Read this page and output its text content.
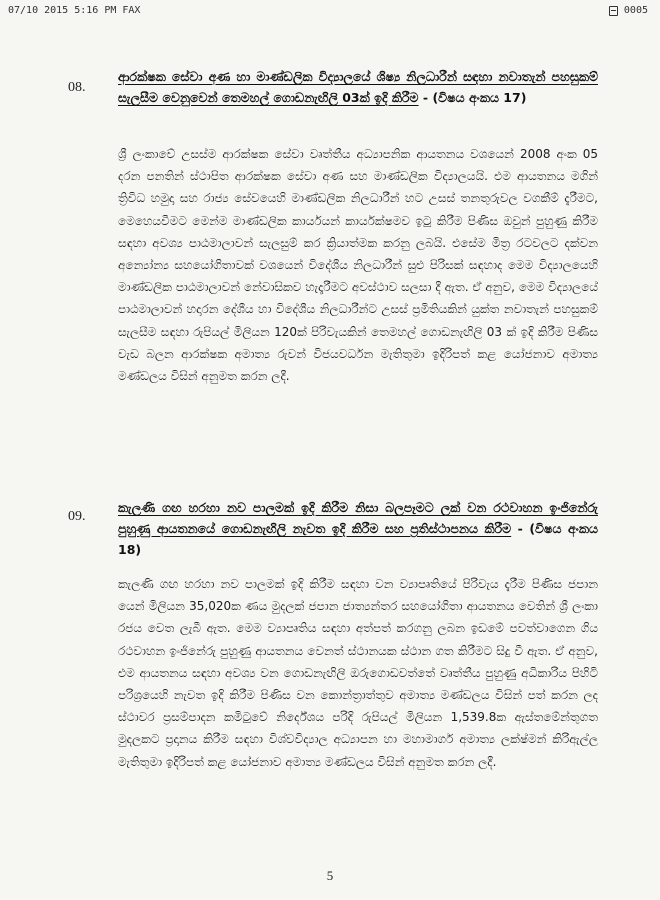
07/10 2015 5:16 PM FAX	0005
08.
ආරක්ෂක සේවා අණ හා මාණ්ඩලික විද්‍යාලයේ ශිෂ්‍ය නිලධාරීන් සඳහා නවාතැන් පහසුකම් සැලසීම වෙනුවෙන් තෙමහල් ගොඩනැඟිලි 03ක් ඉදි කිරීම - (විෂය අංකය 17)

ශ්‍රී ලංකාවේ උසස්ම ආරක්ෂක සේවා වෘත්තීය අධ්‍යාපනික ආයතනය වශයෙන් 2008 අංක 05 දරන පනතින් ස්ථාපිත ආරක්ෂක සේවා අණ සහ මාණ්ඩලික විද්‍යාලයයි. එම ආයතනය මගින් ත්‍රිවිධ හමුදා සහ රාජ්‍ය සේවයෙහි මාණ්ඩලික නිලධාරීන් හට උසස් තනතුරුවල වගකීම් දැරීමට, මෙහෙයවීමට මෙන්ම මාණ්ඩලික කාර්යයන් කාර්යක්ෂමව ඉටු කිරීම පිණිස ඔවුන් පුහුණු කිරීම සඳහා අවශ්‍ය පාඨමාලාවන් සැලසුම් කර ක්‍රියාත්මක කරනු ලබයි. එසේම මිත්‍ර රටවලට දක්වන අන්‍යෝන්‍ය සහයෝගිතාවක් වශයෙන් විදේශීය නිලධාරීන් සුළු පිරිසක් සඳහාද මෙම විද්‍යාලයෙහි මාණ්ඩලික පාඨමාලාවන් නේවාසිකව හැදෑරීමට අවස්ථාව සලසා දී ඇත. ඒ අනුව, මෙම විද්‍යාලයේ පාඨමාලාවන් හදාරන දේශීය හා විදේශීය නිලධාරීන්ට උසස් ප්‍රමිතියකින් යුක්ත නවාතැන් පහසුකම් සැලසීම සඳහා රුපියල් මිලියන 120ක් පිරිවැයකින් තෙමහල් ගොඩනැඟිලි 03 ක් ඉදි කිරීම පිණිස වැඩ බලන ආරක්ෂක අමාත්‍ය රුවන් විජයවර්ධන මැතිතුමා ඉදිරිපත් කළ යෝජනාව අමාත්‍ය මණ්ඩලය විසින් අනුමත කරන ලදී.

09.
කැලණි ගඟ හරහා නව පාලමක් ඉදි කිරීම නිසා බලපෑමට ලක් වන රථවාහන ඉංජිනේරු පුහුණු ආයතනයේ ගොඩනැඟිලි නැවත ඉදි කිරීම සහ ප්‍රතිස්ථාපනය කිරීම - (විෂය අංකය 18)

කැලණි ගඟ හරහා නව පාලමක් ඉදි කිරීම සඳහා වන ව්‍යාපෘතියේ පිරිවැය දැරීම පිණිස ජපාන යෙන් මිලියන 35,020ක ණය මුදලක් ජපාන ජාත්‍යන්තර සහයෝගිතා ආයතනය වෙතින් ශ්‍රී ලංකා රජය වෙත ලැබී ඇත. මෙම ව්‍යාපෘතිය සඳහා අත්පත් කරගනු ලබන ඉඩමේ පවත්වාගෙන ගිය රථවාහන ඉංජිනේරු පුහුණු ආයතනය වෙනත් ස්ථානයක ස්ථාන ගත කිරීමට සිදු වී ඇත. ඒ අනුව, එම ආයතනය සඳහා අවශ්‍ය වන ගොඩනැඟිලි ඔරුගොඩවත්තේ වෘත්තීය පුහුණු අධිකාරිය පිහිටි පරිශ්‍රයෙහි නැවත ඉදි කිරීම පිණිස වන කොන්ත්‍රාත්තුව අමාත්‍ය මණ්ඩලය විසින් පත් කරන ලද ස්ථාවර ප්‍රසම්පාදන කමිටුවේ නිර්දේශය පරිදි රුපියල් මිලියන 1,539.8ක ඇස්තමේන්තුගත මුදලකට ප්‍රදානය කිරීම සඳහා විශ්වවිද්‍යාල අධ්‍යාපන හා මහාමාර්ග අමාත්‍ය ලක්ෂ්මන් කිරිඇල්ල මැතිතුමා ඉදිරිපත් කළ යෝජනාව අමාත්‍ය මණ්ඩලය විසින් අනුමත කරන ලදී.

5
